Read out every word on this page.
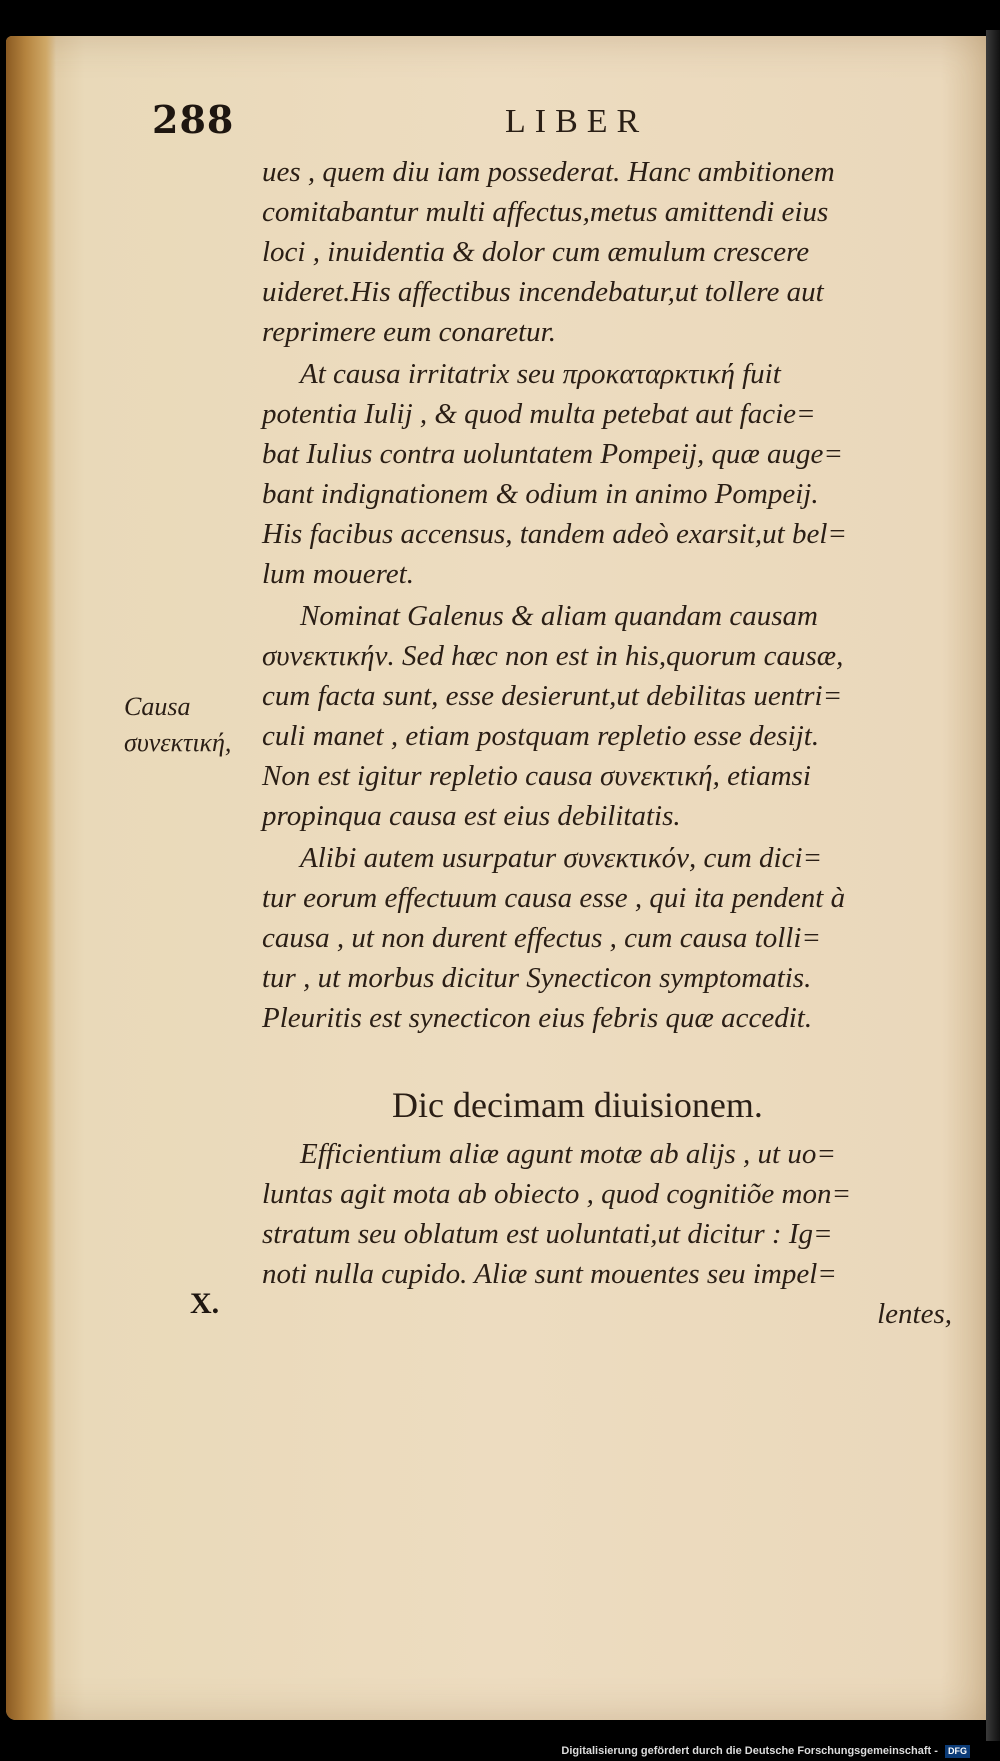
288	LIBER
ues , quem diu iam possederat. Hanc ambitionem
comitabantur multi affectus,metus amittendi eius
loci , inuidentia & dolor cum æmulum crescere
uideret.His affectibus incendebatur,ut tollere aut
reprimere eum conaretur.
At causa irritatrix seu προκαταρκτική fuit
potentia Iulij , & quod multa petebat aut facie=
bat Iulius contra uoluntatem Pompeij, quæ auge=
bant indignationem & odium in animo Pompeij.
His facibus accensus, tandem adeò exarsit,ut bel=
lum moueret.
Nominat Galenus & aliam quandam causam
συνεκτικήν. Sed hæc non est in his,quorum causæ,
cum facta sunt, esse desierunt,ut debilitas uentri=
culi manet , etiam postquam repletio esse desijt.
Non est igitur repletio causa συνεκτική, etiamsi
propinqua causa est eius debilitatis.
Alibi autem usurpatur συνεκτικόν, cum dici=
tur eorum effectuum causa esse , qui ita pendent à
causa , ut non durent effectus , cum causa tolli=
tur , ut morbus dicitur Synecticon symptomatis.
Pleuritis est synecticon eius febris quæ accedit.
Dic decimam diuisionem.
Efficientium aliæ agunt motæ ab alijs , ut uo=
luntas agit mota ab obiecto , quod cognitiõe mon=
stratum seu oblatum est uoluntati,ut dicitur : Ig=
noti nulla cupido. Aliæ sunt mouentes seu impel=
lentes,
Causa
συνεκτική,
X.
Digitalisierung gefördert durch die Deutsche Forschungsgemeinschaft - DFG
